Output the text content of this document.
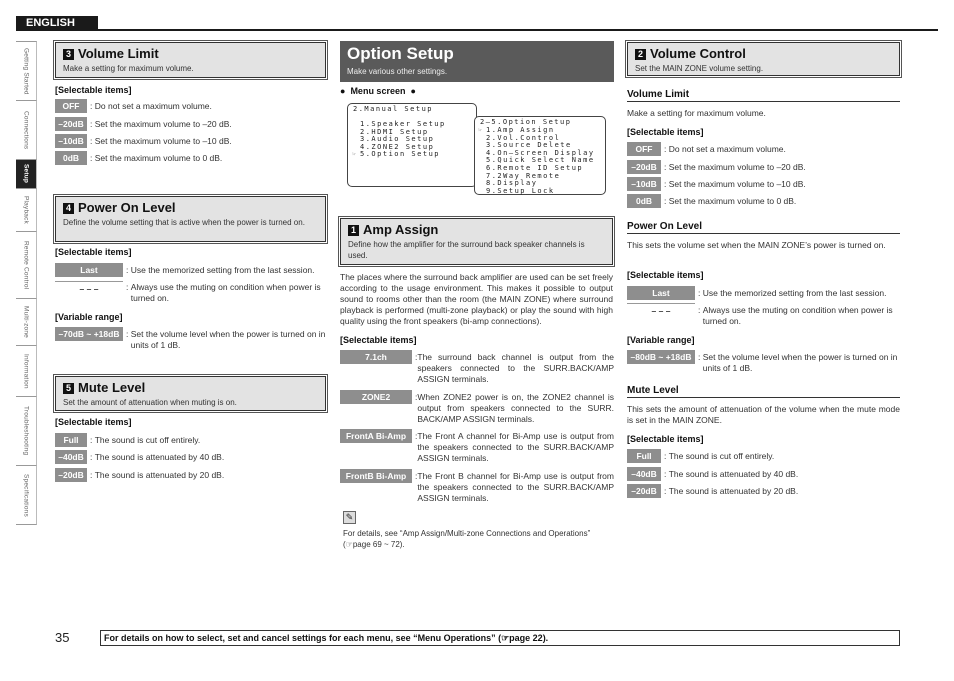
ENGLISH
Getting Started
Connections
Setup
Playback
Remote Control
Multi-zone
Information
Troubleshooting
Specifications
3 Volume Limit
Make a setting for maximum volume.
[Selectable items]
OFF	: Do not set a maximum volume.
–20dB : Set the maximum volume to –20 dB.
–10dB : Set the maximum volume to –10 dB.
0dB	: Set the maximum volume to 0 dB.
4 Power On Level
Define the volume setting that is active when the power is turned on.
[Selectable items]
Last	: Use the memorized setting from the last session.
– – –	: Always use the muting on condition when power is turned on.
[Variable range]
–70dB ~ +18dB : Set the volume level when the power is turned on in units of 1 dB.
5 Mute Level
Set the amount of attenuation when muting is on.
[Selectable items]
Full	: The sound is cut off entirely.
–40dB : The sound is attenuated by 40 dB.
–20dB : The sound is attenuated by 20 dB.
Option Setup
Make various other settings.
●  Menu screen  ●
2.Manual Setup
1.Speaker Setup
2.HDMI Setup
3.Audio Setup
4.ZONE2 Setup
☞ 5.Option Setup
2–5.Option Setup
☞ 1.Amp Assign
2.Vol.Control
3.Source Delete
4.On–Screen Display
5.Quick Select Name
6.Remote ID Setup
7.2Way Remote
8.Display
9.Setup Lock
1 Amp Assign
Define how the amplifier for the surround back speaker channels is used.
The places where the surround back amplifier are used can be set freely according to the usage environment. This makes it possible to output sound to rooms other than the room (the MAIN ZONE) where surround playback is performed (multi-zone playback) or play the sound with high quality using the front speakers (bi-amp connections).
[Selectable items]
7.1ch	: The surround back channel is output from the speakers connected to the SURR.BACK/AMP ASSIGN terminals.
ZONE2	: When ZONE2 power is on, the ZONE2 channel is output from speakers connected to the SURR. BACK/AMP ASSIGN terminals.
FrontA Bi-Amp	: The Front A channel for Bi-Amp use is output from the speakers connected to the SURR.BACK/AMP ASSIGN terminals.
FrontB Bi-Amp	: The Front B channel for Bi-Amp use is output from the speakers connected to the SURR.BACK/AMP ASSIGN terminals.
✎
For details, see “Amp Assign/Multi-zone Connections and Operations”
(☞page 69 ~ 72).
2 Volume Control
Set the MAIN ZONE volume setting.
Volume Limit
Make a setting for maximum volume.
[Selectable items]
OFF	: Do not set a maximum volume.
–20dB : Set the maximum volume to –20 dB.
–10dB : Set the maximum volume to –10 dB.
0dB	: Set the maximum volume to 0 dB.
Power On Level
This sets the volume set when the MAIN ZONE’s power is turned on.
[Selectable items]
Last	: Use the memorized setting from the last session.
– – –	: Always use the muting on condition when power is turned on.
[Variable range]
–80dB ~ +18dB : Set the volume level when the power is turned on in units of 1 dB.
Mute Level
This sets the amount of attenuation of the volume when the mute mode is set in the MAIN ZONE.
[Selectable items]
Full	: The sound is cut off entirely.
–40dB : The sound is attenuated by 40 dB.
–20dB : The sound is attenuated by 20 dB.
35	For details on how to select, set and cancel settings for each menu, see “Menu Operations” (☞page 22).
